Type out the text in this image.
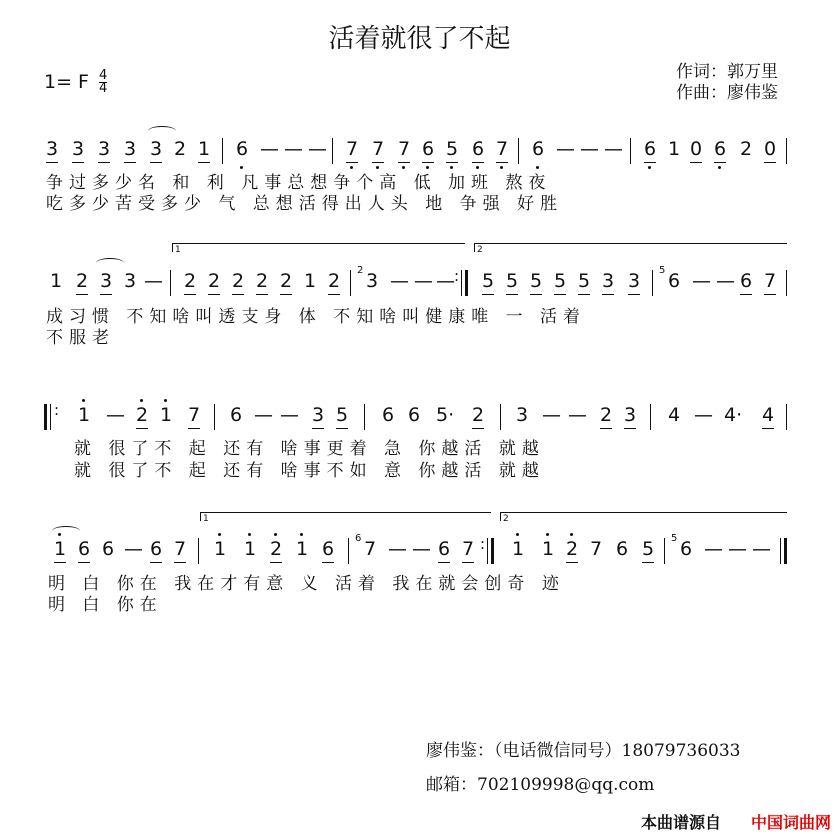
活着就很了不起
1= F $\frac{4}{4}$	作词：郭万里
作曲：廖伟鉴
3 3 3 3 3 2 1 6 — — — 7 7 7 6 5 6 7 6 — — — 6 1 0 6 2 0
争过多少名 和 利 凡事总想争个高 低 加班 熬夜
吃多少苦受多少 气 总想活得出人头 地 争强 好胜
1	2
1 2 3 3 — 2 2 2 2 2 1 2 2 3 — — — : 5 5 5 5 5 3 3 5 6 — — 6 7
成习惯 不知啥叫透支身 体 不知啥叫健康唯 一 活着
不服老
: 1 — 2 1 7 6 — — 3 5 6 6 5· 2 3 — — 2 3 4 — 4· 4
就 很了不 起 还有 啥事更着 急 你越活 就越
就 很了不 起 还有 啥事不如 意 你越活 就越
1	2
1 6 6 — 6 7 1 1 2 1 6 6 7 — — 6 7 : 1 1 2 7 6 5 5 6 — — —
明 白 你在 我在才有意 义 活着 我在就会创奇 迹
明 白 你在
廖伟鉴：（电话微信同号）18079736033
邮箱：702109998@qq.com
本曲谱源自 中国词曲网
